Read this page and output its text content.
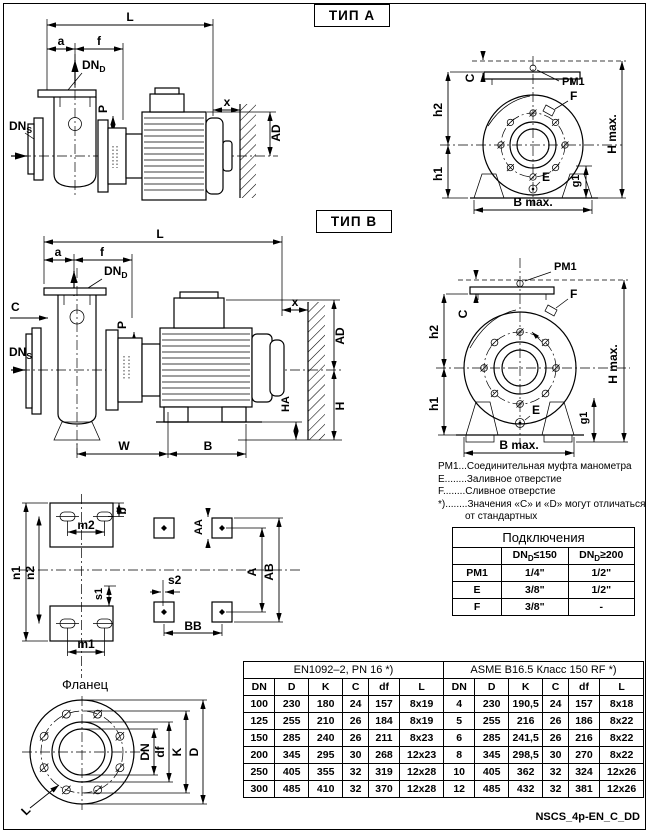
ТИП А
ТИП В
L
a	f
$DN_D$
$DN_S$
P	x
AD
PM1
F
C
h2
h1	g1
H max.
B max.
E
L
a	f
$DN_D$
C
$DN_S$
P
x
AD
HA	H
W	B
PM1
F
C
h2
h1
g1
H max.
B max.
E
b
m2
n1 n2
s1
m1
AA
A AB
s2
BB
Фланец
DN df K D
L
PM1...Соединительная муфта манометра
Е........Заливное отверстие
F........Сливное отверстие
*)........Значения «С» и «D» могут отличаться
от стандартных
Подключения		
	$DN_D\le 150$	$DN_D\ge 200$
PM1	1/4"	1/2"
E	3/8"	1/2"
F	3/8"	-
EN1092–2, PN 16 *)						ASME B16.5 Класс 150 RF *)					
DN	D	K	C	df	L	DN	D	K	C	df	L
100	230	180	24	157	8x19	4	230	190,5	24	157	8x18
125	255	210	26	184	8x19	5	255	216	26	186	8x22
150	285	240	26	211	8x23	6	285	241,5	26	216	8x22
200	345	295	30	268	12x23	8	345	298,5	30	270	8x22
250	405	355	32	319	12x28	10	405	362	32	324	12x26
300	485	410	32	370	12x28	12	485	432	32	381	12x26
NSCS_4p-EN_C_DD
